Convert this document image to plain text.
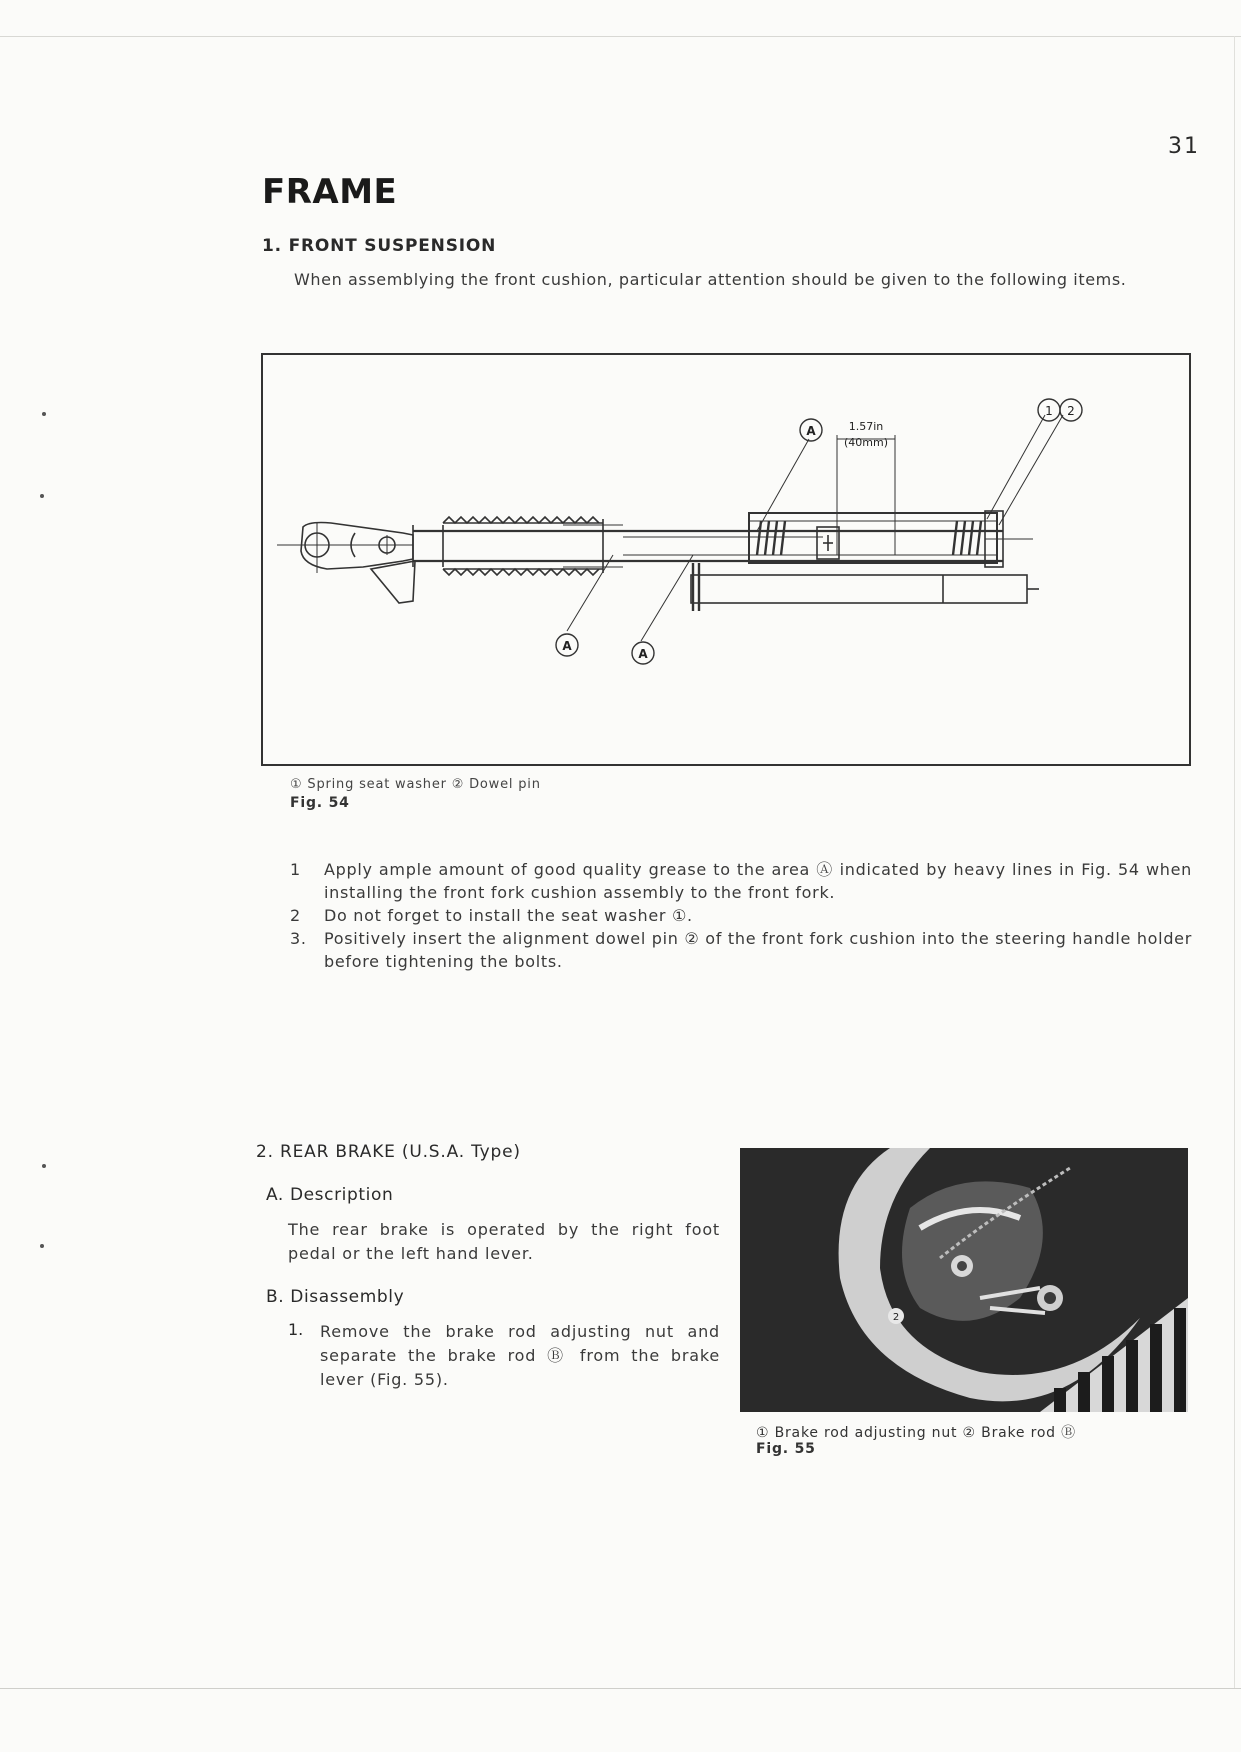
31
FRAME
1. FRONT SUSPENSION
When assemblying the front cushion, particular attention should be given to the following items.
A
A
A
1 2
1.57in
(40mm)
① Spring seat washer ② Dowel pin
Fig. 54
1 Apply ample amount of good quality grease to the area Ⓐ indicated by heavy lines in Fig. 54 when installing the front fork cushion assembly to the front fork.
2 Do not forget to install the seat washer ①.
3. Positively insert the alignment dowel pin ② of the front fork cushion into the steering handle holder before tightening the bolts.
2. REAR BRAKE (U.S.A. Type)
A. Description
The rear brake is operated by the right foot pedal or the left hand lever.
B. Disassembly
1. Remove the brake rod adjusting nut and separate the brake rod Ⓑ from the brake lever (Fig. 55).
2
① Brake rod adjusting nut ② Brake rod Ⓑ
Fig. 55
